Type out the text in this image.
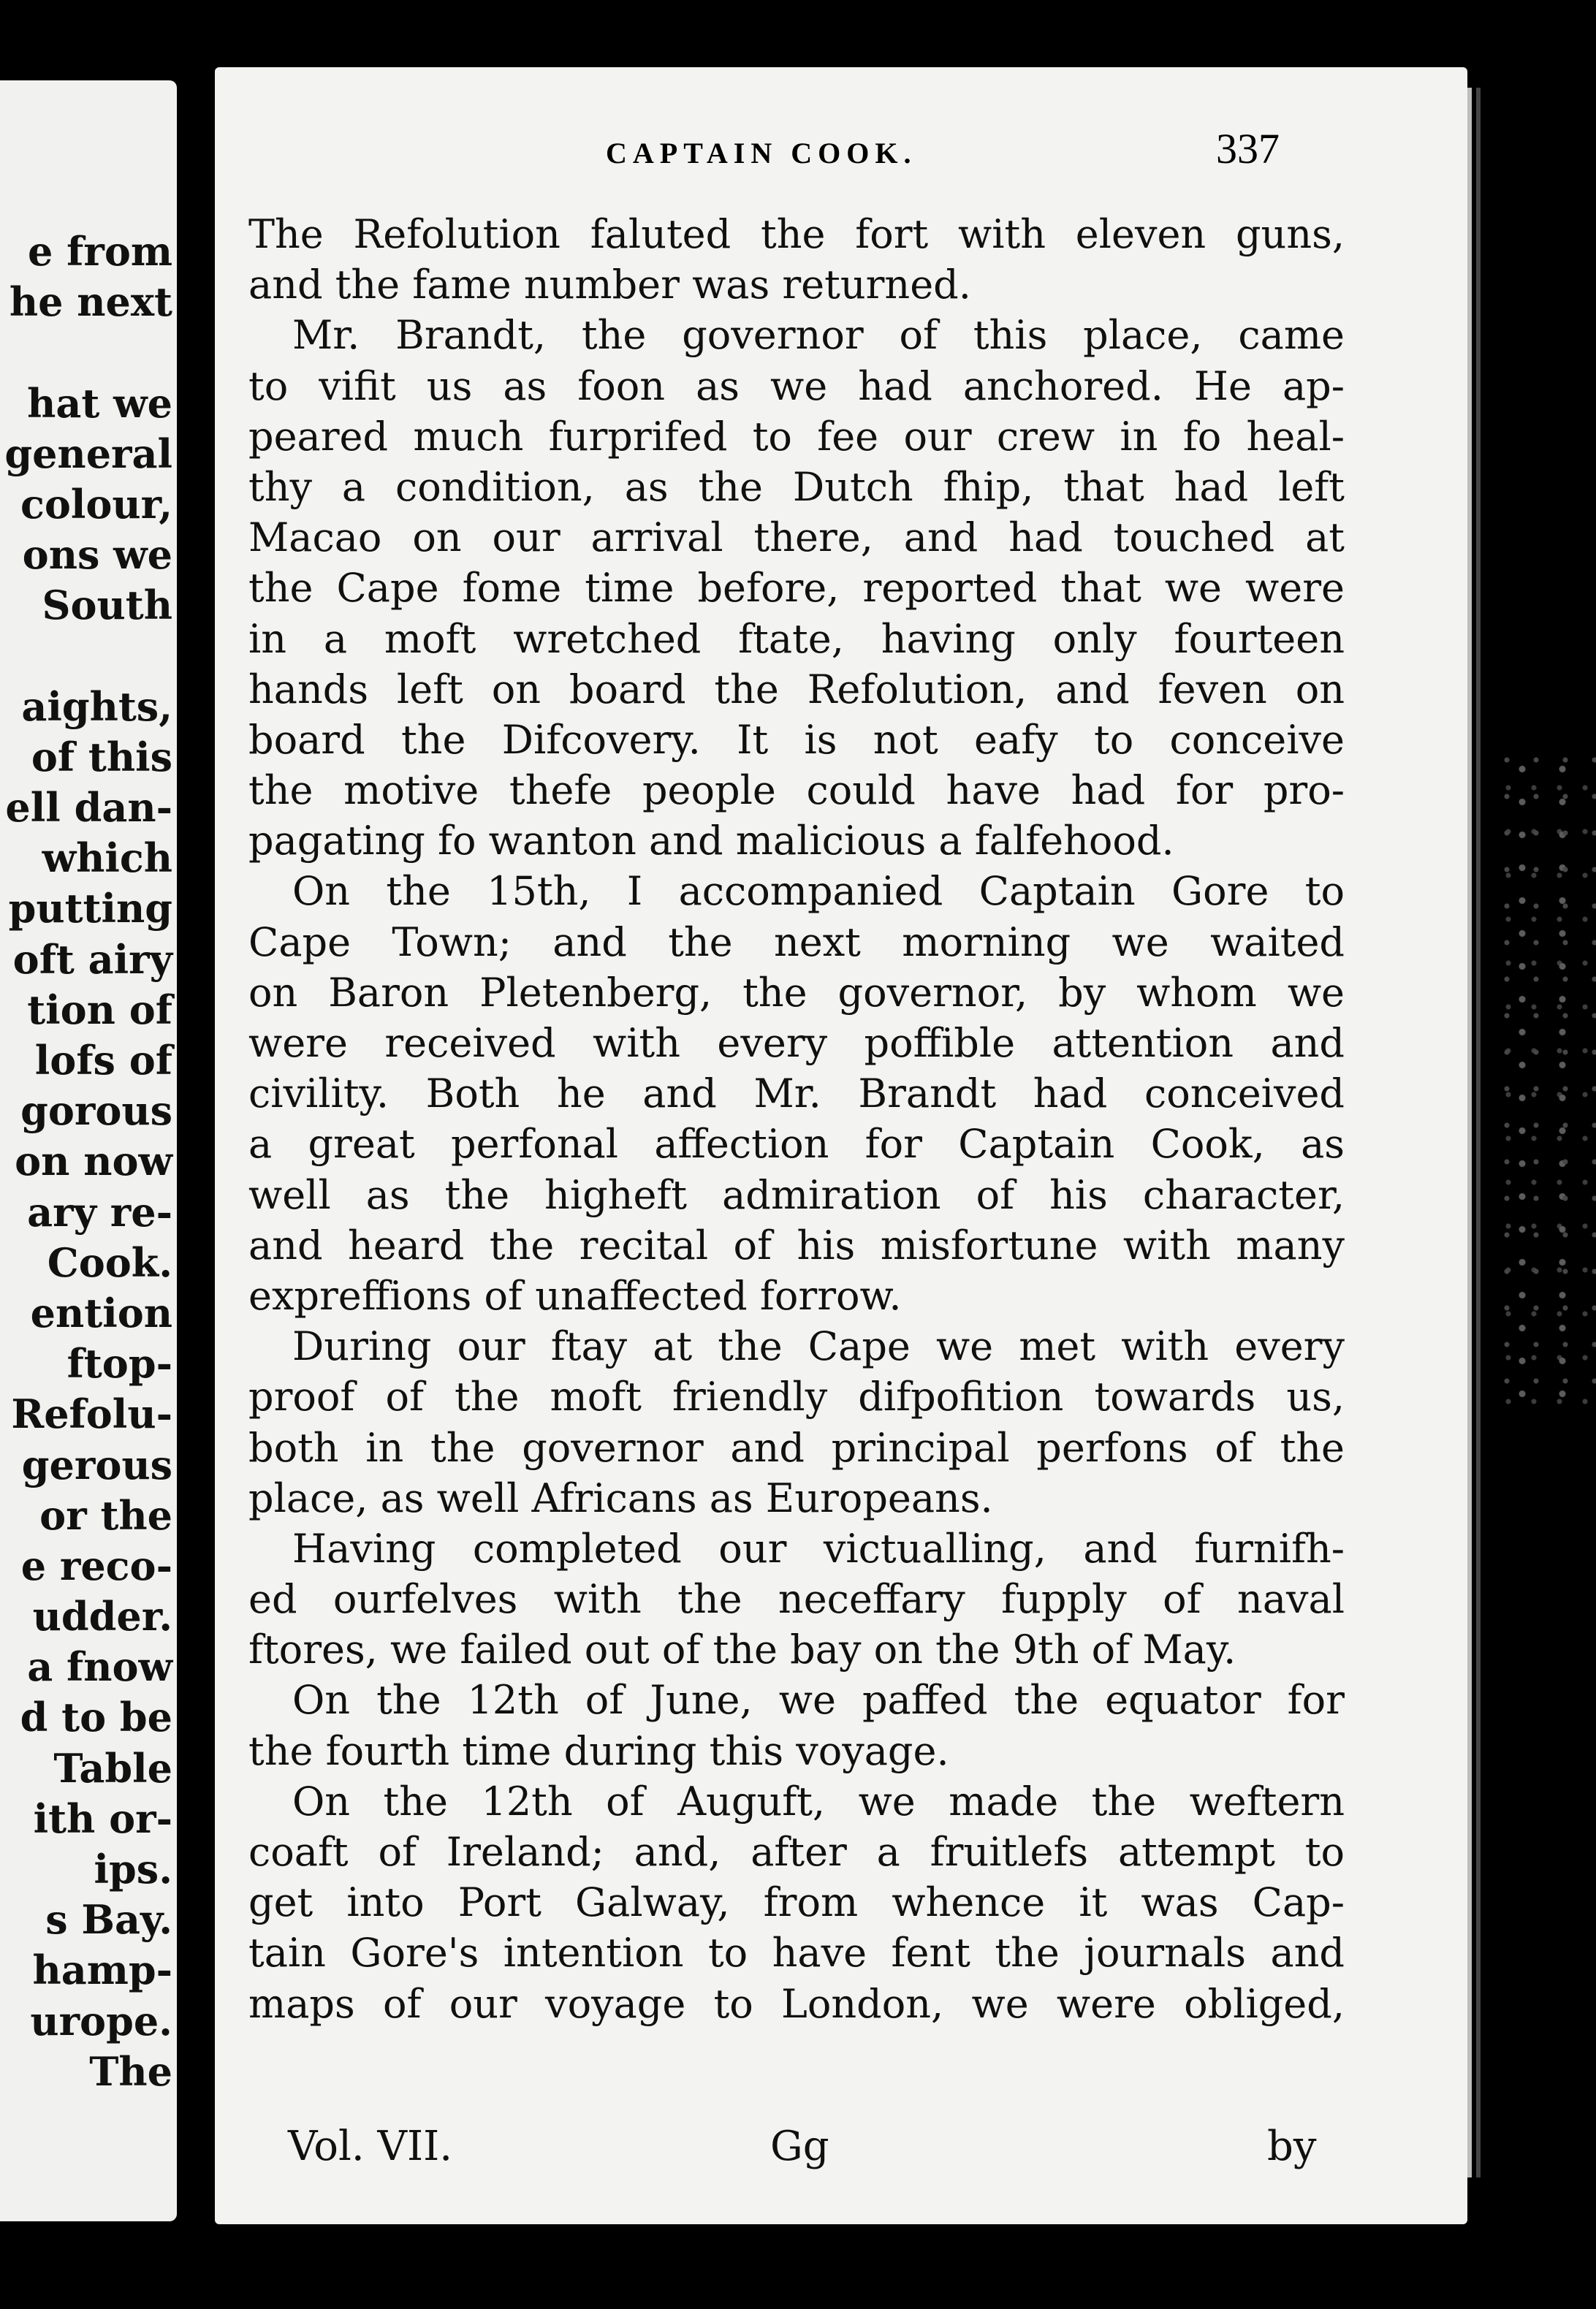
e from
he next
hat we
general
colour,
ons we
South
aights,
of this
ell dan-
which
putting
oft airy
tion of
lofs of
gorous
on now
ary re-
Cook.
ention
ftop-
Refolu-
gerous
or the
e reco-
udder.
a fnow
d to be
Table
ith or-
ips.
s Bay.
hamp-
urope.
The
CAPTAIN COOK.	337
The Refolution faluted the fort with eleven guns,
and the fame number was returned.
Mr. Brandt, the governor of this place, came
to vifit us as foon as we had anchored. He ap-
peared much furprifed to fee our crew in fo heal-
thy a condition, as the Dutch fhip, that had left
Macao on our arrival there, and had touched at
the Cape fome time before, reported that we were
in a moft wretched ftate, having only fourteen
hands left on board the Refolution, and feven on
board the Difcovery. It is not eafy to conceive
the motive thefe people could have had for pro-
pagating fo wanton and malicious a falfehood.
On the 15th, I accompanied Captain Gore to
Cape Town; and the next morning we waited
on Baron Pletenberg, the governor, by whom we
were received with every poffible attention and
civility. Both he and Mr. Brandt had conceived
a great perfonal affection for Captain Cook, as
well as the higheft admiration of his character,
and heard the recital of his misfortune with many
expreffions of unaffected forrow.
During our ftay at the Cape we met with every
proof of the moft friendly difpofition towards us,
both in the governor and principal perfons of the
place, as well Africans as Europeans.
Having completed our victualling, and furnifh-
ed ourfelves with the neceffary fupply of naval
ftores, we failed out of the bay on the 9th of May.
On the 12th of June, we paffed the equator for
the fourth time during this voyage.
On the 12th of Auguft, we made the weftern
coaft of Ireland; and, after a fruitlefs attempt to
get into Port Galway, from whence it was Cap-
tain Gore's intention to have fent the journals and
maps of our voyage to London, we were obliged,
Vol. VII.	Gg	by
